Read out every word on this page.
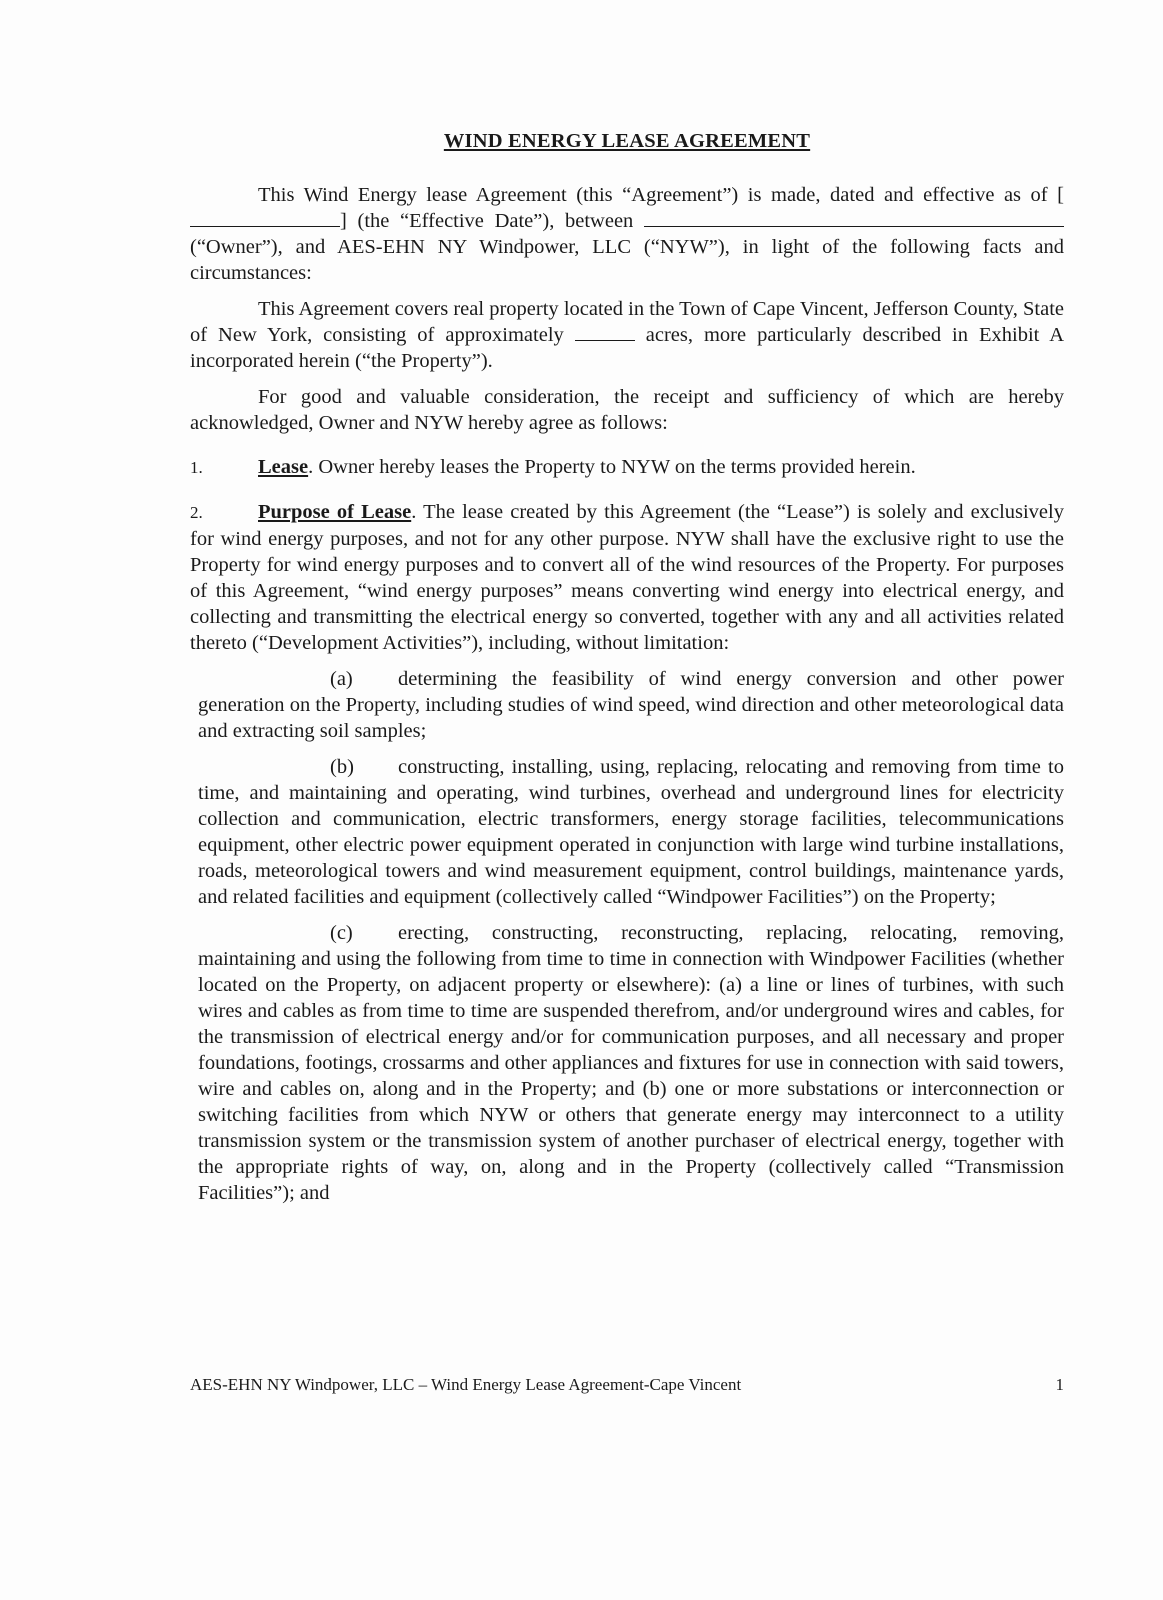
WIND ENERGY LEASE AGREEMENT

This Wind Energy lease Agreement (this “Agreement”) is made, dated and effective as of [] (the “Effective Date”), between  (“Owner”), and AES-EHN NY Windpower, LLC (“NYW”), in light of the following facts and circumstances:

This Agreement covers real property located in the Town of Cape Vincent, Jefferson County, State of New York, consisting of approximately	acres, more particularly described in Exhibit A incorporated herein (“the Property”).

For good and valuable consideration, the receipt and sufficiency of which are hereby acknowledged, Owner and NYW hereby agree as follows:

1.	Lease. Owner hereby leases the Property to NYW on the terms provided herein.

2.	Purpose of Lease. The lease created by this Agreement (the “Lease”) is solely and exclusively for wind energy purposes, and not for any other purpose. NYW shall have the exclusive right to use the Property for wind energy purposes and to convert all of the wind resources of the Property. For purposes of this Agreement, “wind energy purposes” means converting wind energy into electrical energy, and collecting and transmitting the electrical energy so converted, together with any and all activities related thereto (“Development Activities”), including, without limitation:

(a) determining the feasibility of wind energy conversion and other power generation on the Property, including studies of wind speed, wind direction and other meteorological data and extracting soil samples;

(b) constructing, installing, using, replacing, relocating and removing from time to time, and maintaining and operating, wind turbines, overhead and underground lines for electricity collection and communication, electric transformers, energy storage facilities, telecommunications equipment, other electric power equipment operated in conjunction with large wind turbine installations, roads, meteorological towers and wind measurement equipment, control buildings, maintenance yards, and related facilities and equipment (collectively called “Windpower Facilities”) on the Property;

(c) erecting, constructing, reconstructing, replacing, relocating, removing, maintaining and using the following from time to time in connection with Windpower Facilities (whether located on the Property, on adjacent property or elsewhere): (a) a line or lines of turbines, with such wires and cables as from time to time are suspended therefrom, and/or underground wires and cables, for the transmission of electrical energy and/or for communication purposes, and all necessary and proper foundations, footings, crossarms and other appliances and fixtures for use in connection with said towers, wire and cables on, along and in the Property; and (b) one or more substations or interconnection or switching facilities from which NYW or others that generate energy may interconnect to a utility transmission system or the transmission system of another purchaser of electrical energy, together with the appropriate rights of way, on, along and in the Property (collectively called “Transmission Facilities”); and

AES-EHN NY Windpower, LLC – Wind Energy Lease Agreement-Cape Vincent	1
